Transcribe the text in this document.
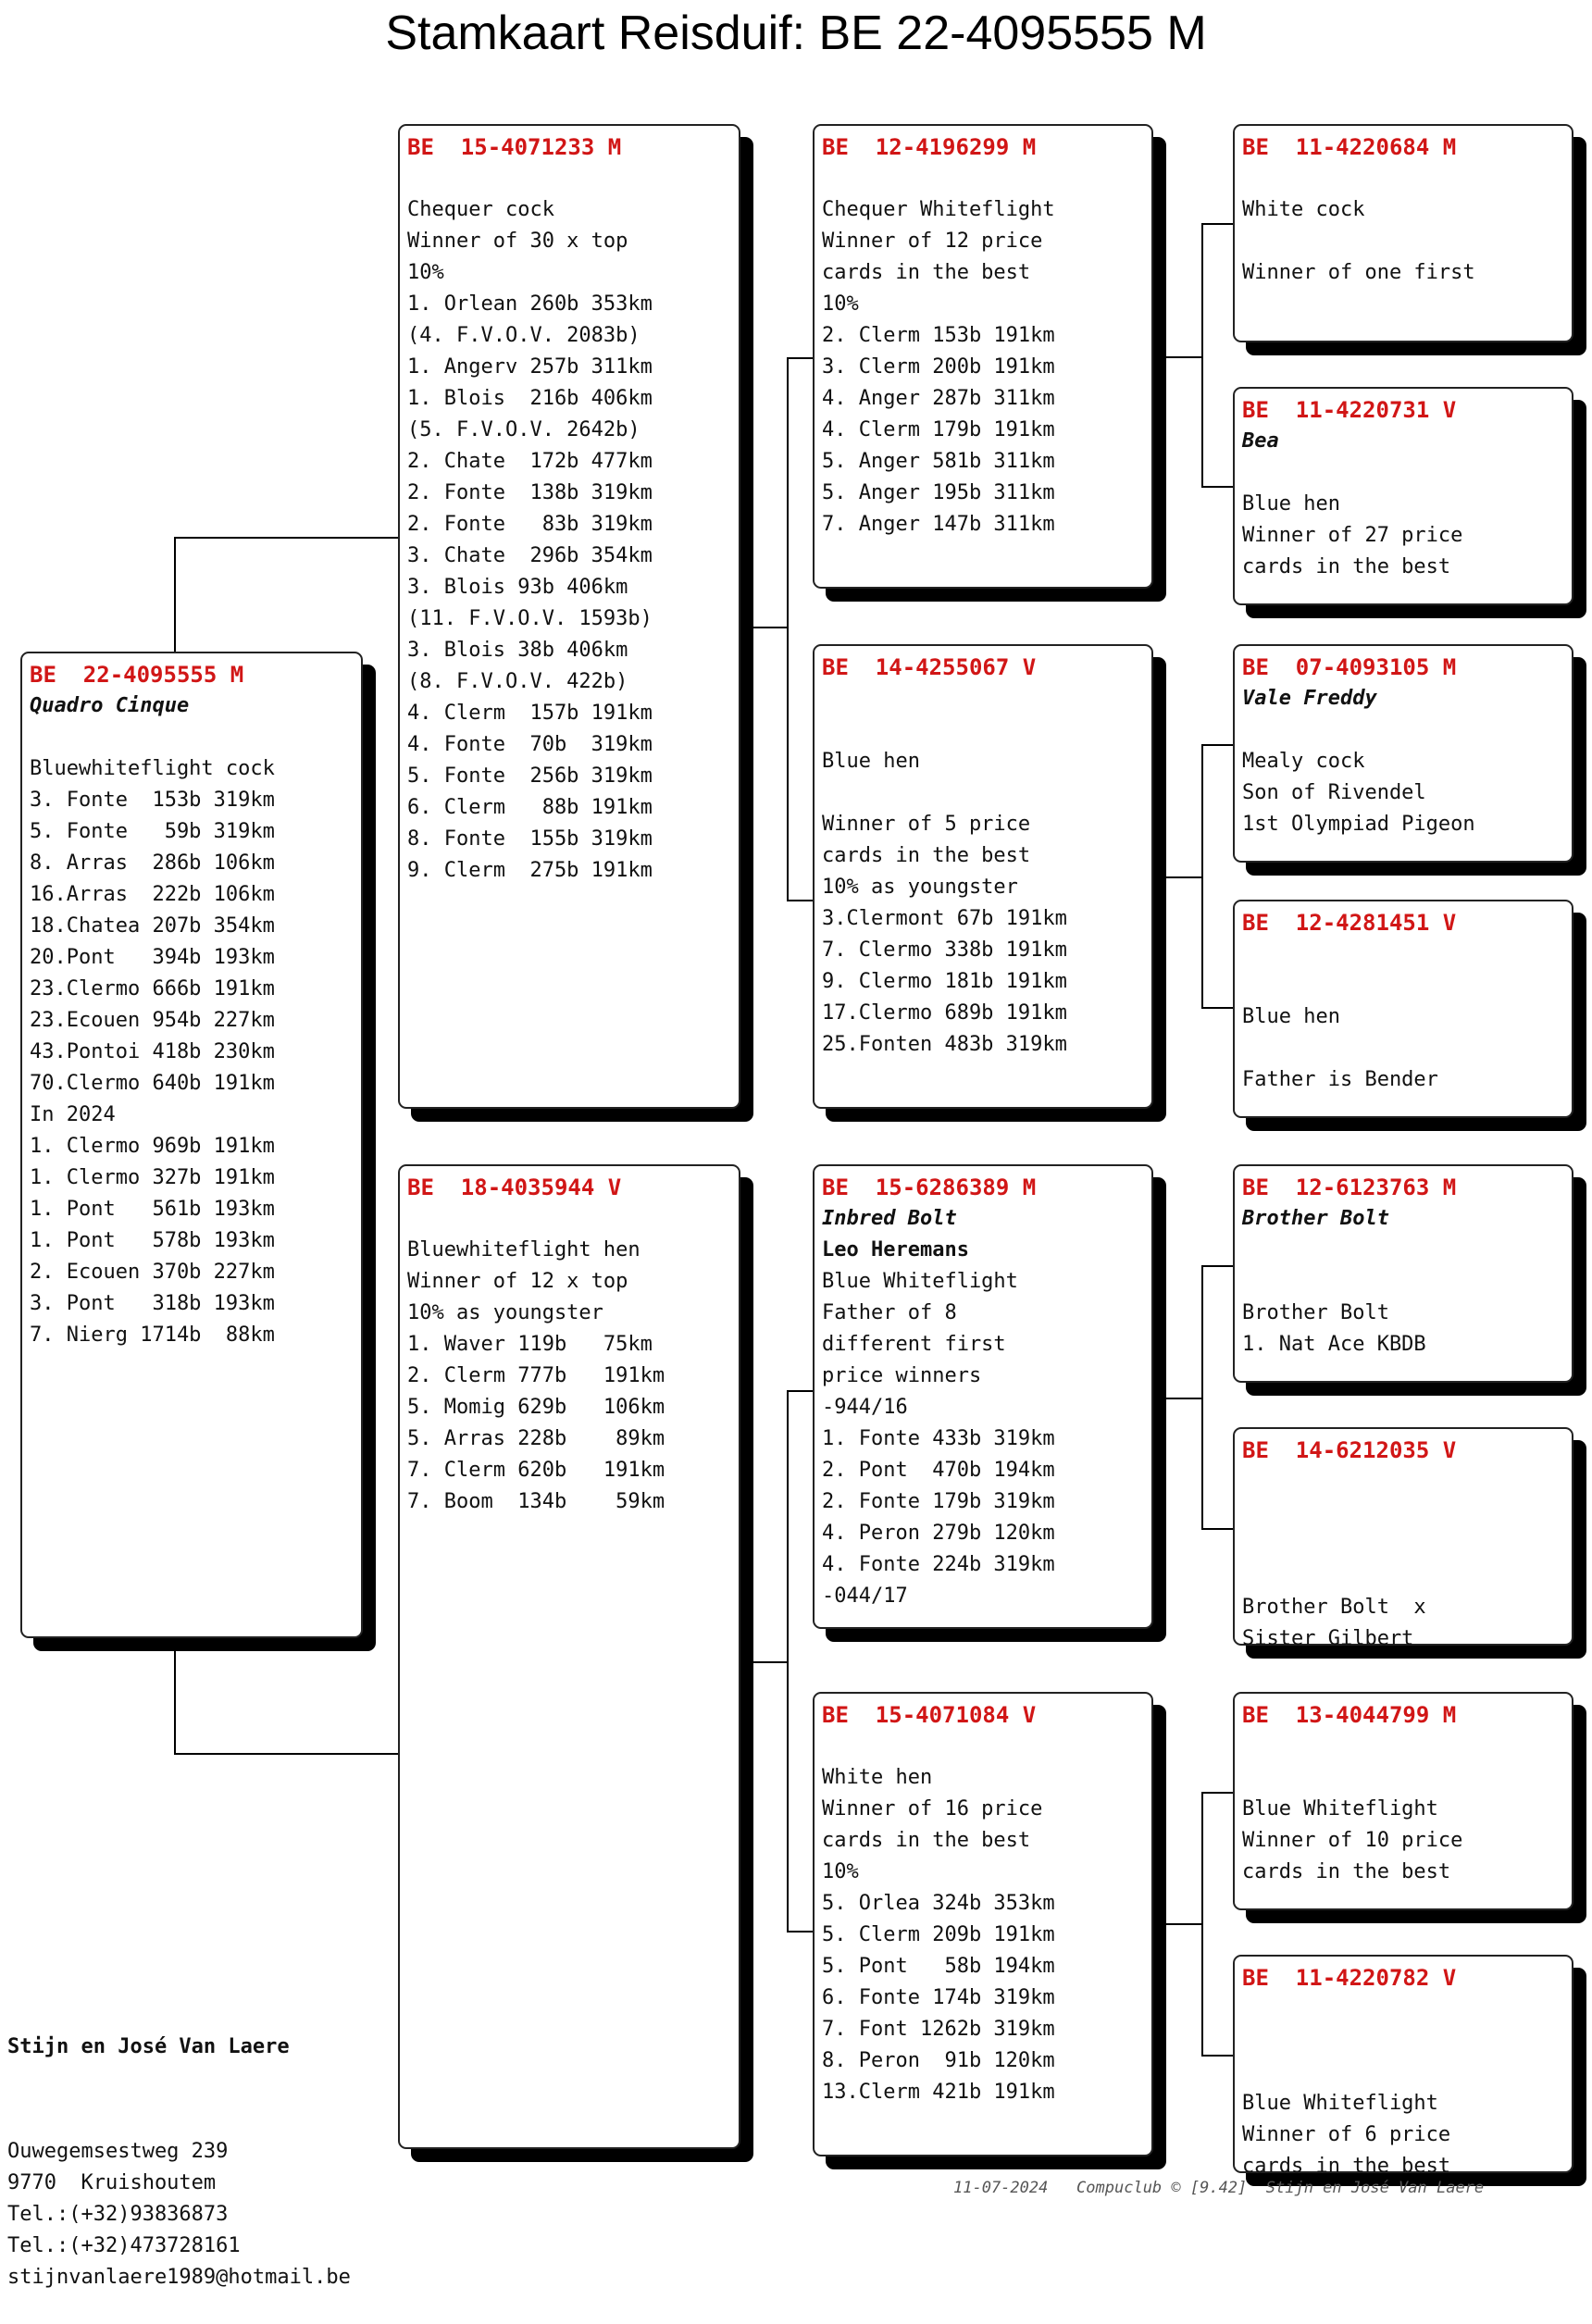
Stamkaart Reisduif: BE 22-4095555 M
BE  22-4095555 M
Quadro Cinque
Bluewhiteflight cock
3. Fonte  153b 319km
5. Fonte   59b 319km
8. Arras  286b 106km
16.Arras  222b 106km
18.Chatea 207b 354km
20.Pont   394b 193km
23.Clermo 666b 191km
23.Ecouen 954b 227km
43.Pontoi 418b 230km
70.Clermo 640b 191km
In 2024
1. Clermo 969b 191km
1. Clermo 327b 191km
1. Pont   561b 193km
1. Pont   578b 193km
2. Ecouen 370b 227km
3. Pont   318b 193km
7. Nierg 1714b  88km
BE  15-4071233 M
Chequer cock
Winner of 30 x top
10%
1. Orlean 260b 353km
(4. F.V.O.V. 2083b)
1. Angerv 257b 311km
1. Blois  216b 406km
(5. F.V.O.V. 2642b)
2. Chate  172b 477km
2. Fonte  138b 319km
2. Fonte   83b 319km
3. Chate  296b 354km
3. Blois 93b 406km
(11. F.V.O.V. 1593b)
3. Blois 38b 406km
(8. F.V.O.V. 422b)
4. Clerm  157b 191km
4. Fonte  70b  319km
5. Fonte  256b 319km
6. Clerm   88b 191km
8. Fonte  155b 319km
9. Clerm  275b 191km
BE  18-4035944 V
Bluewhiteflight hen
Winner of 12 x top
10% as youngster
1. Waver 119b   75km
2. Clerm 777b   191km
5. Momig 629b   106km
5. Arras 228b    89km
7. Clerm 620b   191km
7. Boom  134b    59km
BE  12-4196299 M
Chequer Whiteflight
Winner of 12 price
cards in the best
10%
2. Clerm 153b 191km
3. Clerm 200b 191km
4. Anger 287b 311km
4. Clerm 179b 191km
5. Anger 581b 311km
5. Anger 195b 311km
7. Anger 147b 311km
BE  14-4255067 V
Blue hen
Winner of 5 price
cards in the best
10% as youngster
3.Clermont 67b 191km
7. Clermo 338b 191km
9. Clermo 181b 191km
17.Clermo 689b 191km
25.Fonten 483b 319km
BE  15-6286389 M
Inbred Bolt
Leo Heremans
Blue Whiteflight
Father of 8
different first
price winners
-944/16
1. Fonte 433b 319km
2. Pont  470b 194km
2. Fonte 179b 319km
4. Peron 279b 120km
4. Fonte 224b 319km
-044/17
BE  15-4071084 V
White hen
Winner of 16 price
cards in the best
10%
5. Orlea 324b 353km
5. Clerm 209b 191km
5. Pont   58b 194km
6. Fonte 174b 319km
7. Font 1262b 319km
8. Peron  91b 120km
13.Clerm 421b 191km
BE  11-4220684 M
White cock
Winner of one first
BE  11-4220731 V
Bea
Blue hen
Winner of 27 price
cards in the best
BE  07-4093105 M
Vale Freddy
Mealy cock
Son of Rivendel
1st Olympiad Pigeon
BE  12-4281451 V
Blue hen
Father is Bender
BE  12-6123763 M
Brother Bolt
Brother Bolt
1. Nat Ace KBDB
BE  14-6212035 V
Brother Bolt  x
Sister Gilbert
BE  13-4044799 M
Blue Whiteflight
Winner of 10 price
cards in the best
BE  11-4220782 V
Blue Whiteflight
Winner of 6 price
cards in the best

Stijn en José Van Laere

Ouwegemsestweg 239
9770  Kruishoutem
Tel.:(+32)93836873
Tel.:(+32)473728161
stijnvanlaere1989@hotmail.be

11-07-2024   Compuclub © [9.42]  Stijn en José Van Laere
